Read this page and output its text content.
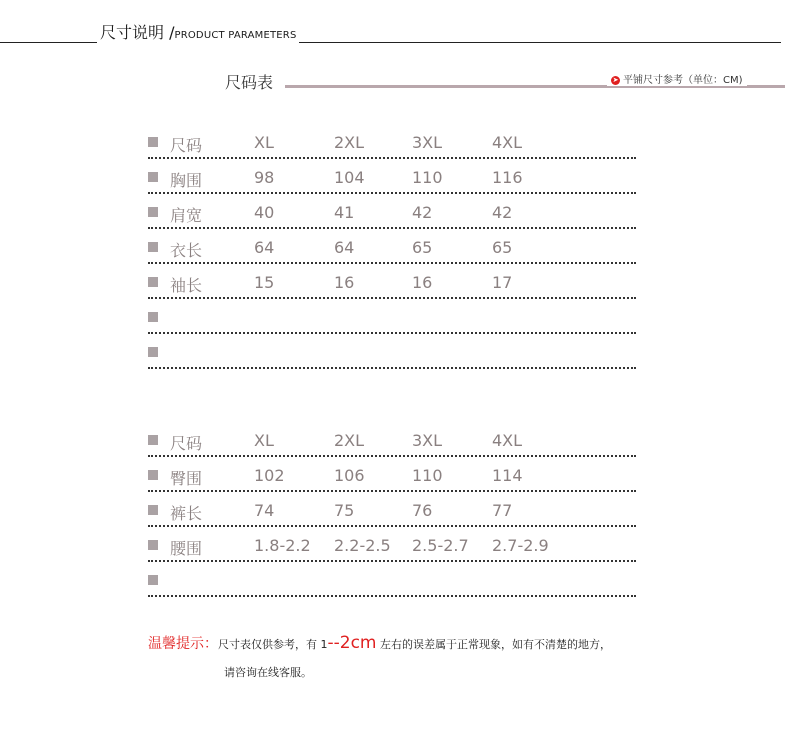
尺寸说明 /PRODUCT PARAMETERS
尺码表	➤ 平铺尺寸参考（单位：CM)
尺码	XL	2XL	3XL	4XL
胸围	98	104	110	116
肩宽	40	41	42	42
衣长	64	64	65	65
袖长	15	16	16	17
尺码	XL	2XL	3XL	4XL
臀围	102	106	110	114
裤长	74	75	76	77
腰围	1.8-2.2 2.2-2.5 2.5-2.7 2.7-2.9
温馨提示：尺寸表仅供参考，有 1--2cm 左右的误差属于正常现象，如有不清楚的地方，
请咨询在线客服。
